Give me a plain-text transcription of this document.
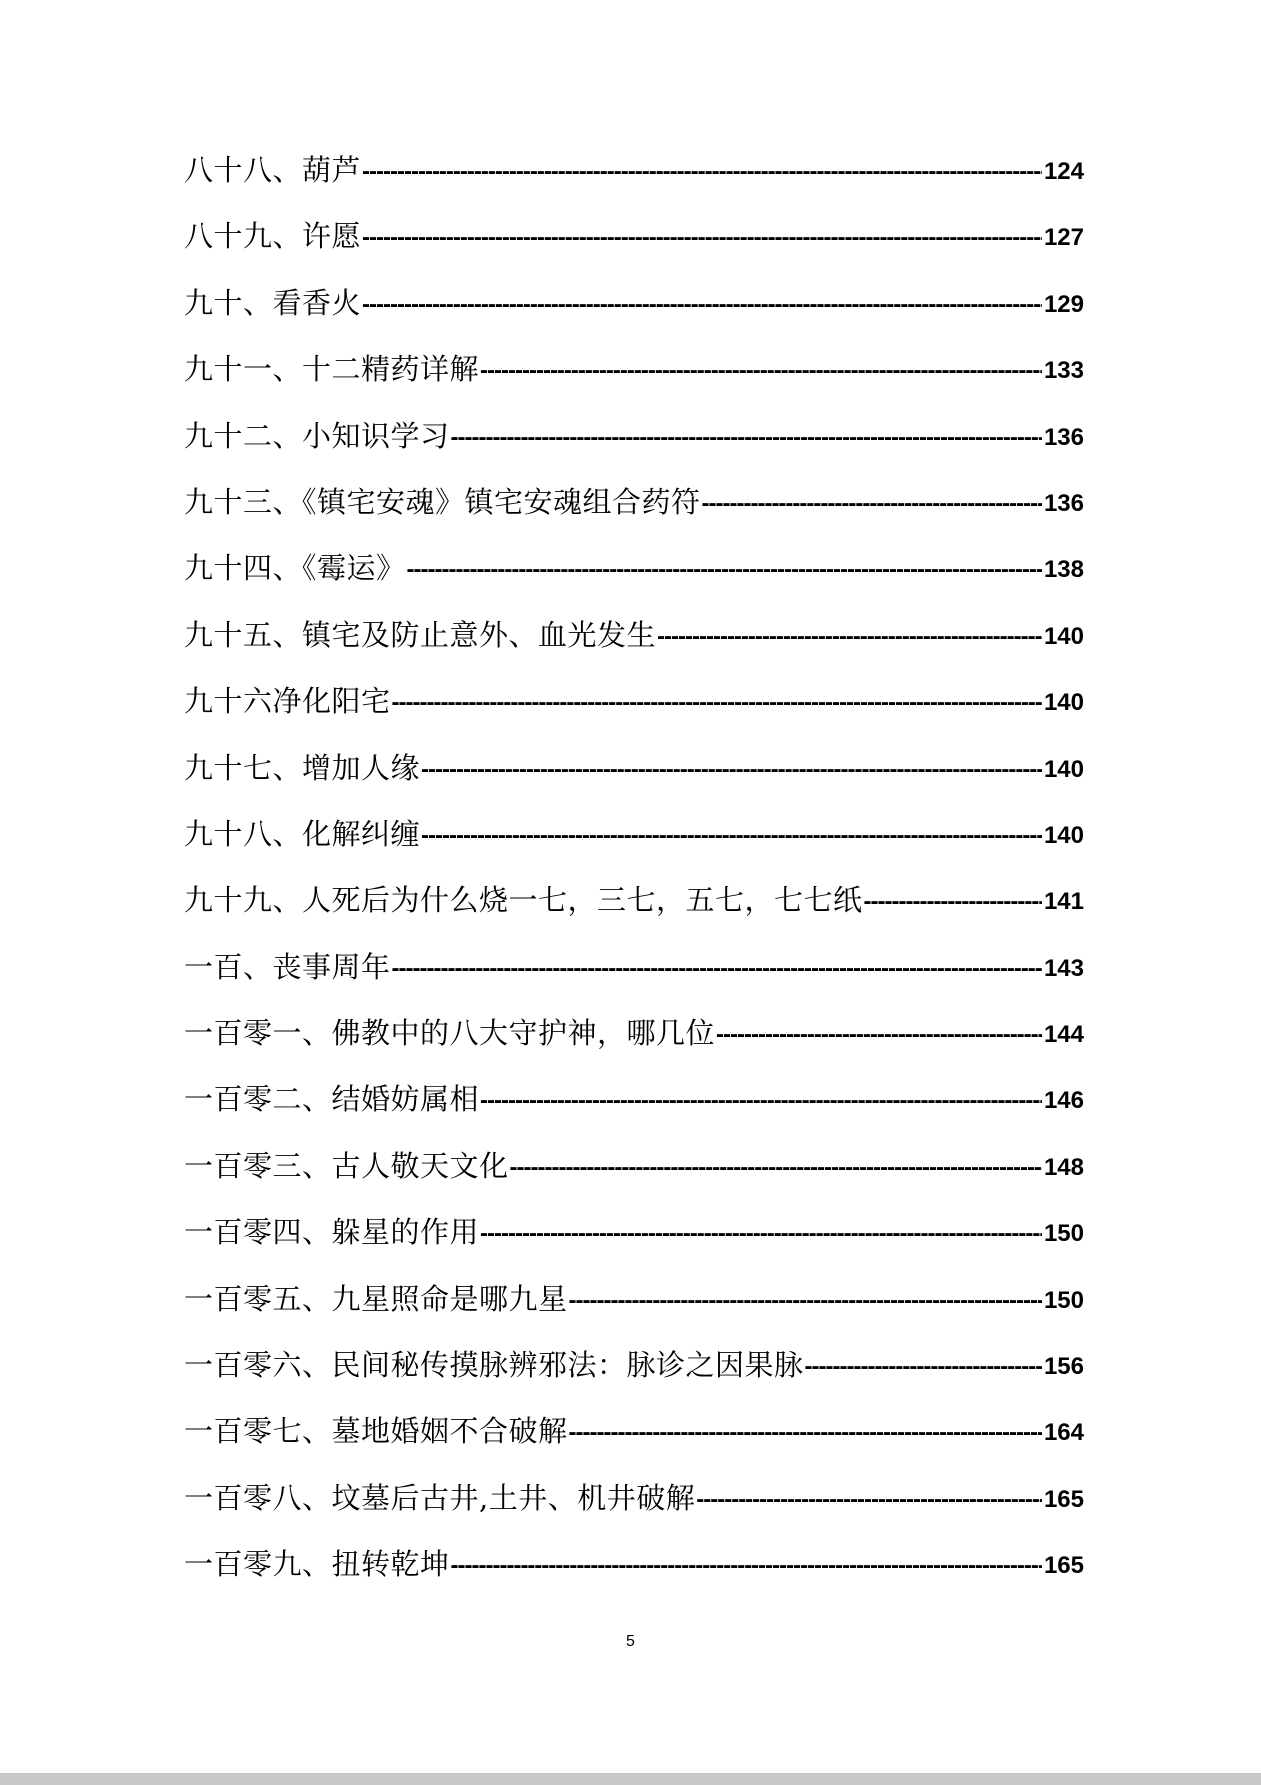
八十八、葫芦 -----	124
八十九、许愿 -----	127
九十、看香火 -----	129
九十一、十二精药详解 -----	133
九十二、小知识学习 -----	136
九十三、《镇宅安魂》镇宅安魂组合药符 -----	136
九十四、《霉运》 -----	138
九十五、镇宅及防止意外、血光发生 -----	140
九十六净化阳宅 -----	140
九十七、增加人缘 -----	140
九十八、化解纠缠 -----	140
九十九、人死后为什么烧一七，三七，五七，七七纸 -----	141
一百、丧事周年 -----	143
一百零一、佛教中的八大守护神，哪几位 -----	144
一百零二、结婚妨属相 -----	146
一百零三、古人敬天文化 -----	148
一百零四、躲星的作用 -----	150
一百零五、九星照命是哪九星 -----	150
一百零六、民间秘传摸脉辨邪法：脉诊之因果脉 -----	156
一百零七、墓地婚姻不合破解 -----	164
一百零八、坟墓后古井,土井、机井破解 -----	165
一百零九、扭转乾坤 -----	165
5
